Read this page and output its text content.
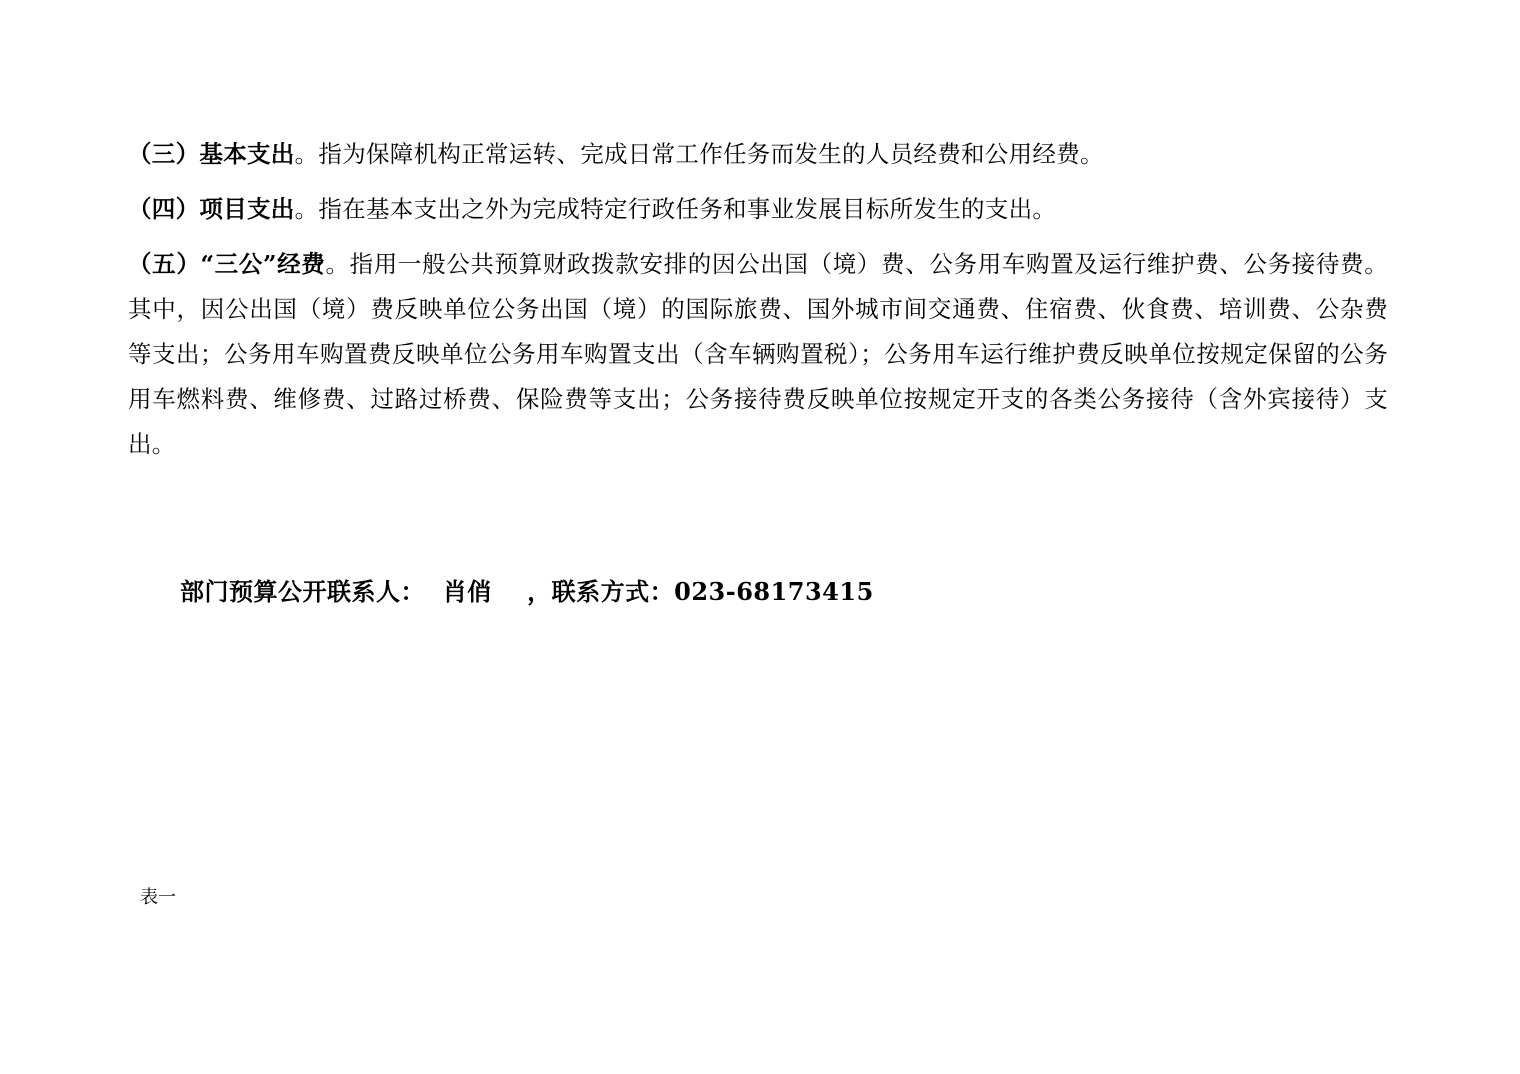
（三）基本支出。指为保障机构正常运转、完成日常工作任务而发生的人员经费和公用经费。

（四）项目支出。指在基本支出之外为完成特定行政任务和事业发展目标所发生的支出。

（五）“三公”经费。指用一般公共预算财政拨款安排的因公出国（境）费、公务用车购置及运行维护费、公务接待费。其中，因公出国（境）费反映单位公务出国（境）的国际旅费、国外城市间交通费、住宿费、伙食费、培训费、公杂费等支出；公务用车购置费反映单位公务用车购置支出（含车辆购置税）；公务用车运行维护费反映单位按规定保留的公务用车燃料费、维修费、过路过桥费、保险费等支出；公务接待费反映单位按规定开支的各类公务接待（含外宾接待）支出。

部门预算公开联系人：  肖俏    ，联系方式：023-68173415
表一
